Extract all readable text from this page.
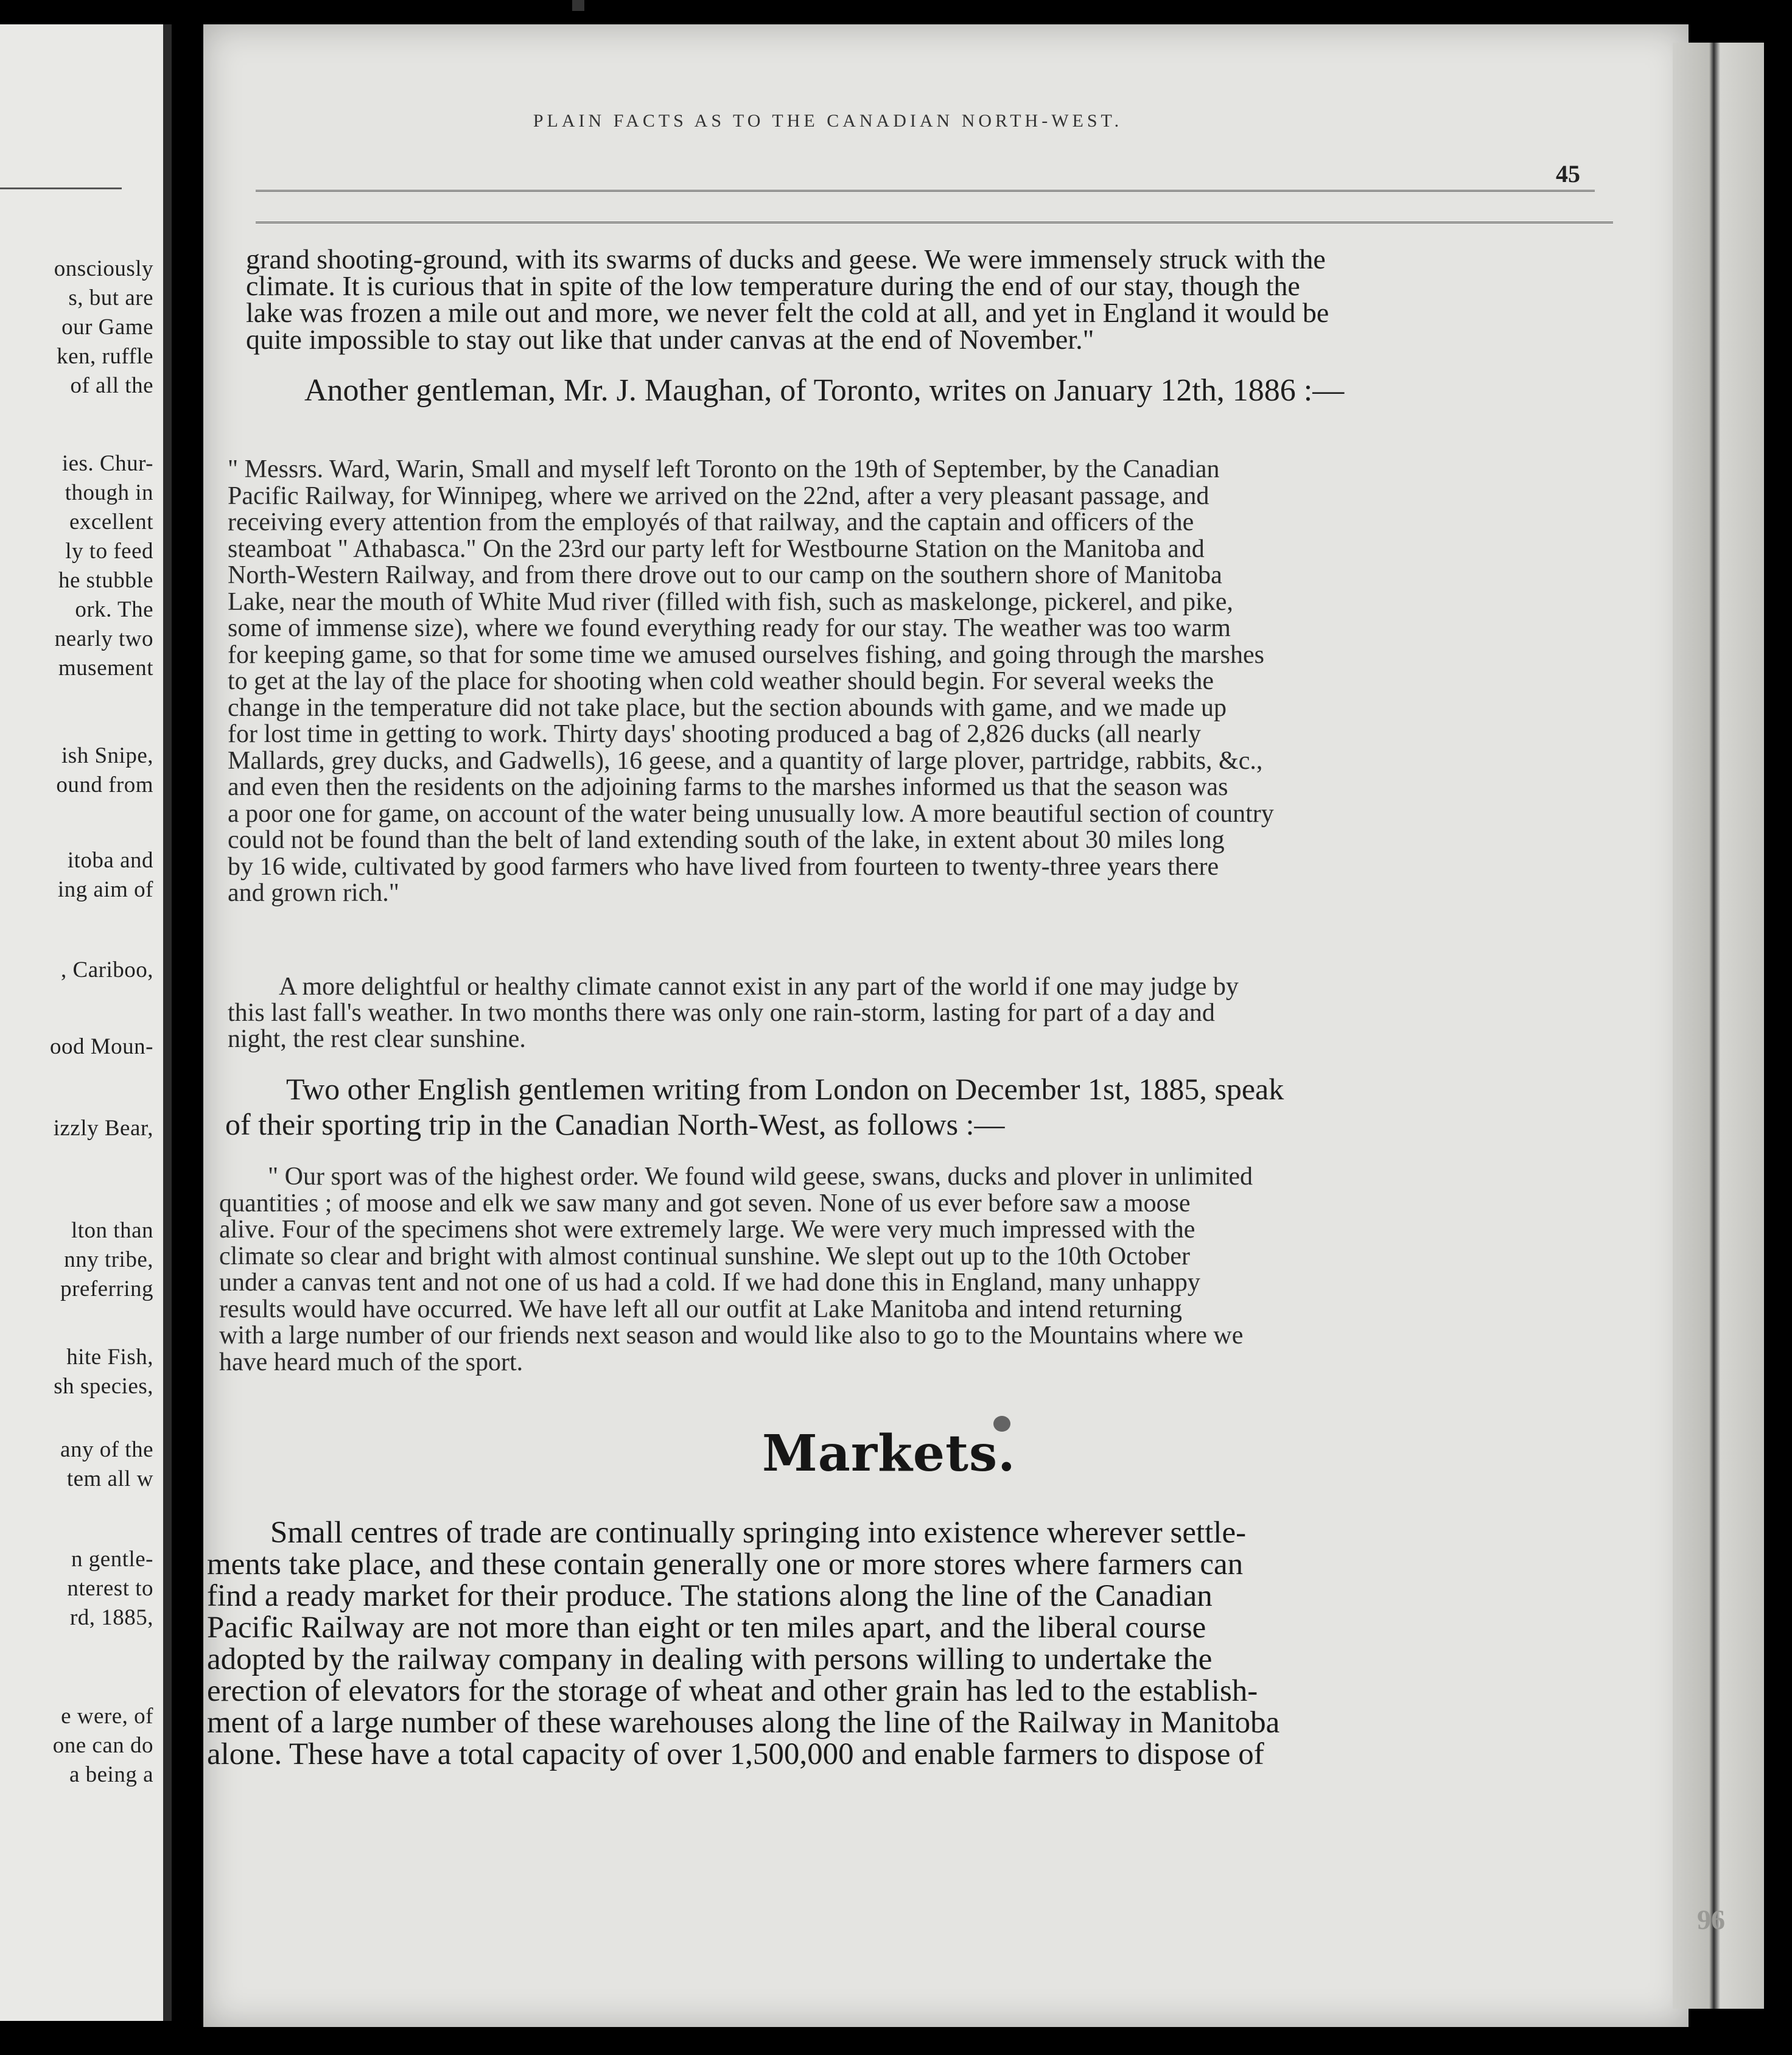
onsciously

s, but are

our Game

ken, ruffle

of all the

ies. Chur-

though in

excellent

ly to feed

he stubble

ork. The

nearly two

musement

ish Snipe,

ound from

itoba and

ing aim of

, Cariboo,

ood Moun-

izzly Bear,

lton than

nny tribe,

preferring

hite Fish,

sh species,

any of the

tem all w

n gentle-

nterest to

rd, 1885,

e were, of

one can do

a being a

96
PLAIN FACTS AS TO THE CANADIAN NORTH-WEST.
45
grand shooting-ground, with its swarms of ducks and geese. We were immensely struck with the
climate. It is curious that in spite of the low temperature during the end of our stay, though the
lake was frozen a mile out and more, we never felt the cold at all, and yet in England it would be
quite impossible to stay out like that under canvas at the end of November."
Another gentleman, Mr. J. Maughan, of Toronto, writes on January 12th, 1886 :—
" Messrs. Ward, Warin, Small and myself left Toronto on the 19th of September, by the Canadian
Pacific Railway, for Winnipeg, where we arrived on the 22nd, after a very pleasant passage, and
receiving every attention from the employés of that railway, and the captain and officers of the
steamboat " Athabasca." On the 23rd our party left for Westbourne Station on the Manitoba and
North-Western Railway, and from there drove out to our camp on the southern shore of Manitoba
Lake, near the mouth of White Mud river (filled with fish, such as maskelonge, pickerel, and pike,
some of immense size), where we found everything ready for our stay. The weather was too warm
for keeping game, so that for some time we amused ourselves fishing, and going through the marshes
to get at the lay of the place for shooting when cold weather should begin. For several weeks the
change in the temperature did not take place, but the section abounds with game, and we made up
for lost time in getting to work. Thirty days' shooting produced a bag of 2,826 ducks (all nearly
Mallards, grey ducks, and Gadwells), 16 geese, and a quantity of large plover, partridge, rabbits, &c.,
and even then the residents on the adjoining farms to the marshes informed us that the season was
a poor one for game, on account of the water being unusually low. A more beautiful section of country
could not be found than the belt of land extending south of the lake, in extent about 30 miles long
by 16 wide, cultivated by good farmers who have lived from fourteen to twenty-three years there
and grown rich."
A more delightful or healthy climate cannot exist in any part of the world if one may judge by
this last fall's weather. In two months there was only one rain-storm, lasting for part of a day and
night, the rest clear sunshine.
Two other English gentlemen writing from London on December 1st, 1885, speak
of their sporting trip in the Canadian North-West, as follows :—
" Our sport was of the highest order. We found wild geese, swans, ducks and plover in unlimited
quantities ; of moose and elk we saw many and got seven. None of us ever before saw a moose
alive. Four of the specimens shot were extremely large. We were very much impressed with the
climate so clear and bright with almost continual sunshine. We slept out up to the 10th October
under a canvas tent and not one of us had a cold. If we had done this in England, many unhappy
results would have occurred. We have left all our outfit at Lake Manitoba and intend returning
with a large number of our friends next season and would like also to go to the Mountains where we
have heard much of the sport.
Markets.
Small centres of trade are continually springing into existence wherever settle-
ments take place, and these contain generally one or more stores where farmers can
find a ready market for their produce. The stations along the line of the Canadian
Pacific Railway are not more than eight or ten miles apart, and the liberal course
adopted by the railway company in dealing with persons willing to undertake the
erection of elevators for the storage of wheat and other grain has led to the establish-
ment of a large number of these warehouses along the line of the Railway in Manitoba
alone. These have a total capacity of over 1,500,000 and enable farmers to dispose of
